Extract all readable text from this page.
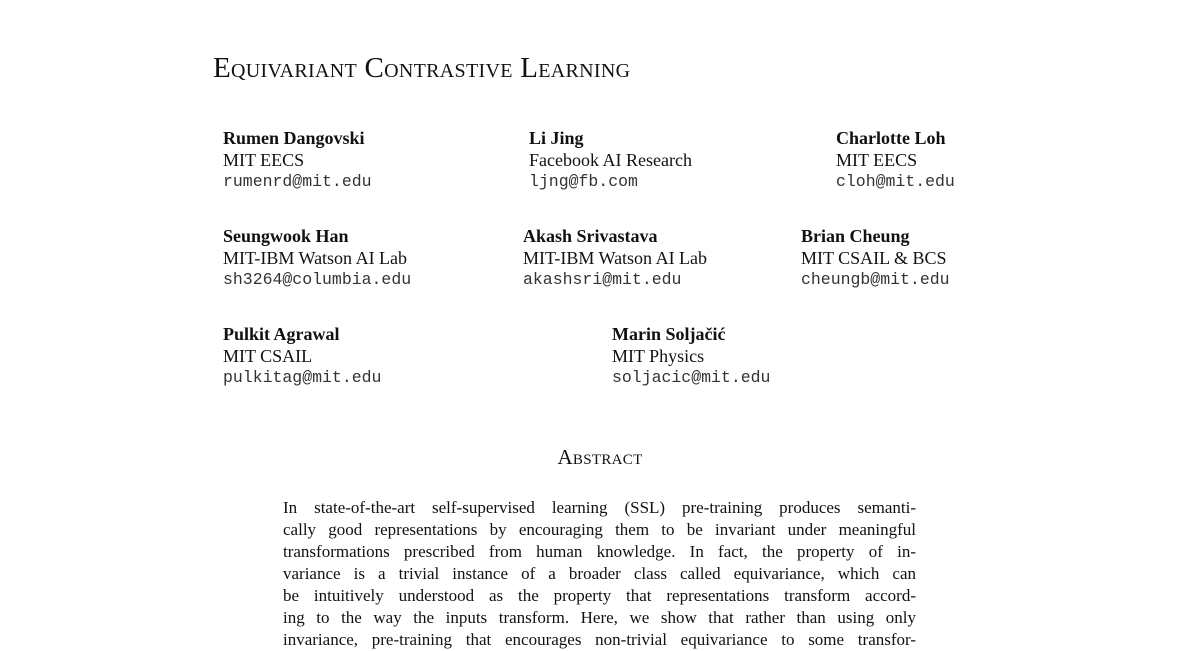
Equivariant Contrastive Learning
Rumen Dangovski
MIT EECS
rumenrd@mit.edu
Li Jing
Facebook AI Research
ljng@fb.com
Charlotte Loh
MIT EECS
cloh@mit.edu
Seungwook Han
MIT-IBM Watson AI Lab
sh3264@columbia.edu
Akash Srivastava
MIT-IBM Watson AI Lab
akashsri@mit.edu
Brian Cheung
MIT CSAIL & BCS
cheungb@mit.edu
Pulkit Agrawal
MIT CSAIL
pulkitag@mit.edu
Marin Soljačić
MIT Physics
soljacic@mit.edu
Abstract
In state-of-the-art self-supervised learning (SSL) pre-training produces semanti-
cally good representations by encouraging them to be invariant under meaningful
transformations prescribed from human knowledge. In fact, the property of in-
variance is a trivial instance of a broader class called equivariance, which can
be intuitively understood as the property that representations transform accord-
ing to the way the inputs transform. Here, we show that rather than using only
invariance, pre-training that encourages non-trivial equivariance to some transfor-
